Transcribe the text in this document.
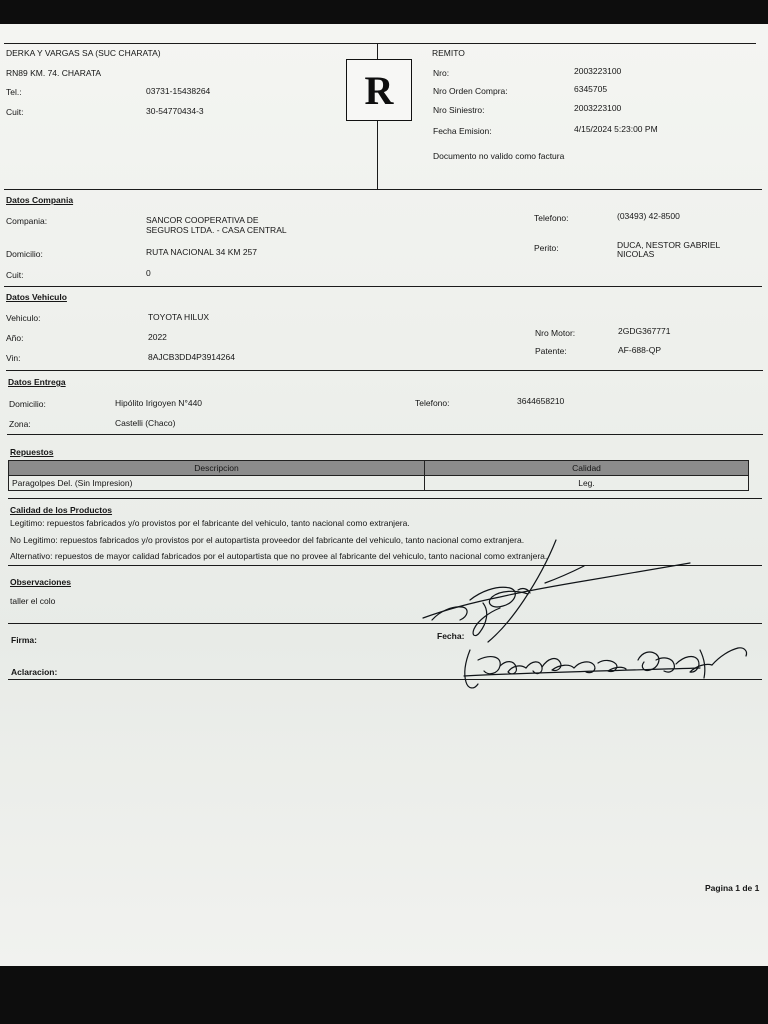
DERKA Y VARGAS SA (SUC CHARATA)
RN89 KM. 74. CHARATA
Tel.:	03731-15438264
Cuit:	30-54770434-3	R
REMITO
Nro:	2003223100
Nro Orden Compra:	6345705
Nro Siniestro:	2003223100
Fecha Emision:	4/15/2024 5:23:00 PM
Documento no valido como factura
Datos Compania
Compania:	SANCOR COOPERATIVA DE SEGUROS LTDA. - CASA CENTRAL
Domicilio:	RUTA NACIONAL 34 KM 257
Cuit:	0
Telefono:	(03493) 42-8500
Perito:	DUCA, NESTOR GABRIEL NICOLAS
Datos Vehiculo
Vehiculo:	TOYOTA HILUX
Año:	2022
Vin:	8AJCB3DD4P3914264
Nro Motor:	2GDG367771
Patente:	AF-688-QP
Datos Entrega
Domicilio:	Hipólito Irigoyen N°440
Zona:	Castelli (Chaco)
Telefono:	3644658210
Repuestos
Descripcion	Calidad
Paragolpes Del. (Sin Impresion)	Leg.
Calidad de los Productos
Legitimo: repuestos fabricados y/o provistos por el fabricante del vehiculo, tanto nacional como extranjera.
No Legitimo: repuestos fabricados y/o provistos por el autopartista proveedor del fabricante del vehiculo, tanto nacional como extranjera.
Alternativo: repuestos de mayor calidad fabricados por el autopartista que no provee al fabricante del vehiculo, tanto nacional como extranjera.
Observaciones
taller el colo
Firma:	Fecha:
Aclaracion:
Pagina 1 de 1
